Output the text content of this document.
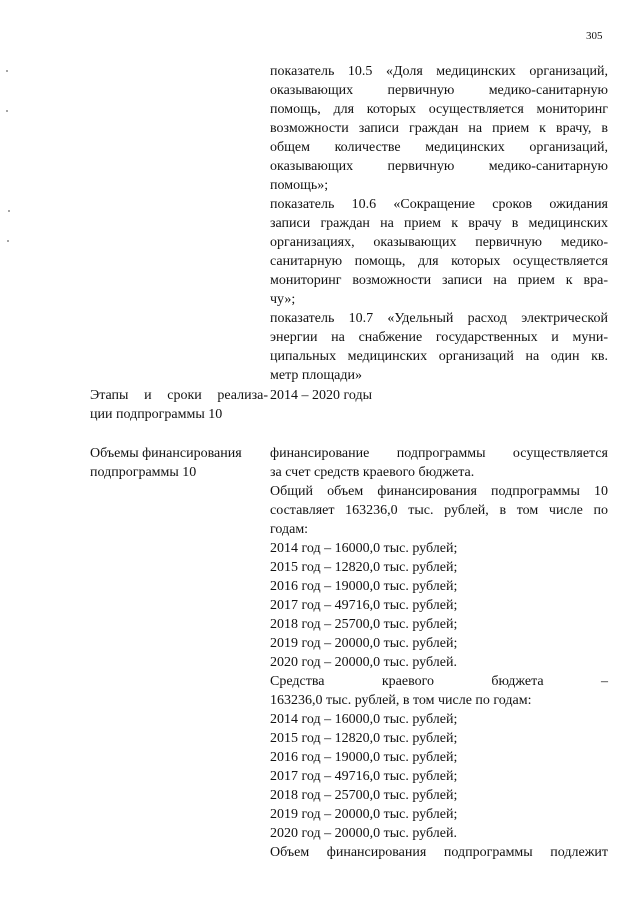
305
показатель 10.5 «Доля медицинских организаций,
оказывающих первичную медико-санитарную
помощь, для которых осуществляется мониторинг
возможности записи граждан на прием к врачу, в
общем количестве медицинских организаций,
оказывающих первичную медико-санитарную
помощь»;
показатель 10.6 «Сокращение сроков ожидания
записи граждан на прием к врачу в медицинских
организациях, оказывающих первичную медико-
санитарную помощь, для которых осуществляется
мониторинг возможности записи на прием к вра-
чу»;
показатель 10.7 «Удельный расход электрической
энергии на снабжение государственных и муни-
ципальных медицинских организаций на один кв.
метр площади»
Этапы и сроки реализа-
ции подпрограммы 10
2014 – 2020 годы
Объемы финансирования
подпрограммы 10
финансирование подпрограммы осуществляется
за счет средств краевого бюджета.
Общий объем финансирования подпрограммы 10
составляет 163236,0 тыс. рублей, в том числе по
годам:
2014 год – 16000,0 тыс. рублей;
2015 год – 12820,0 тыс. рублей;
2016 год – 19000,0 тыс. рублей;
2017 год – 49716,0 тыс. рублей;
2018 год – 25700,0 тыс. рублей;
2019 год – 20000,0 тыс. рублей;
2020 год – 20000,0 тыс. рублей.
Средства краевого бюджета –
163236,0 тыс. рублей, в том числе по годам:
2014 год – 16000,0 тыс. рублей;
2015 год – 12820,0 тыс. рублей;
2016 год – 19000,0 тыс. рублей;
2017 год – 49716,0 тыс. рублей;
2018 год – 25700,0 тыс. рублей;
2019 год – 20000,0 тыс. рублей;
2020 год – 20000,0 тыс. рублей.
Объем финансирования подпрограммы подлежит
